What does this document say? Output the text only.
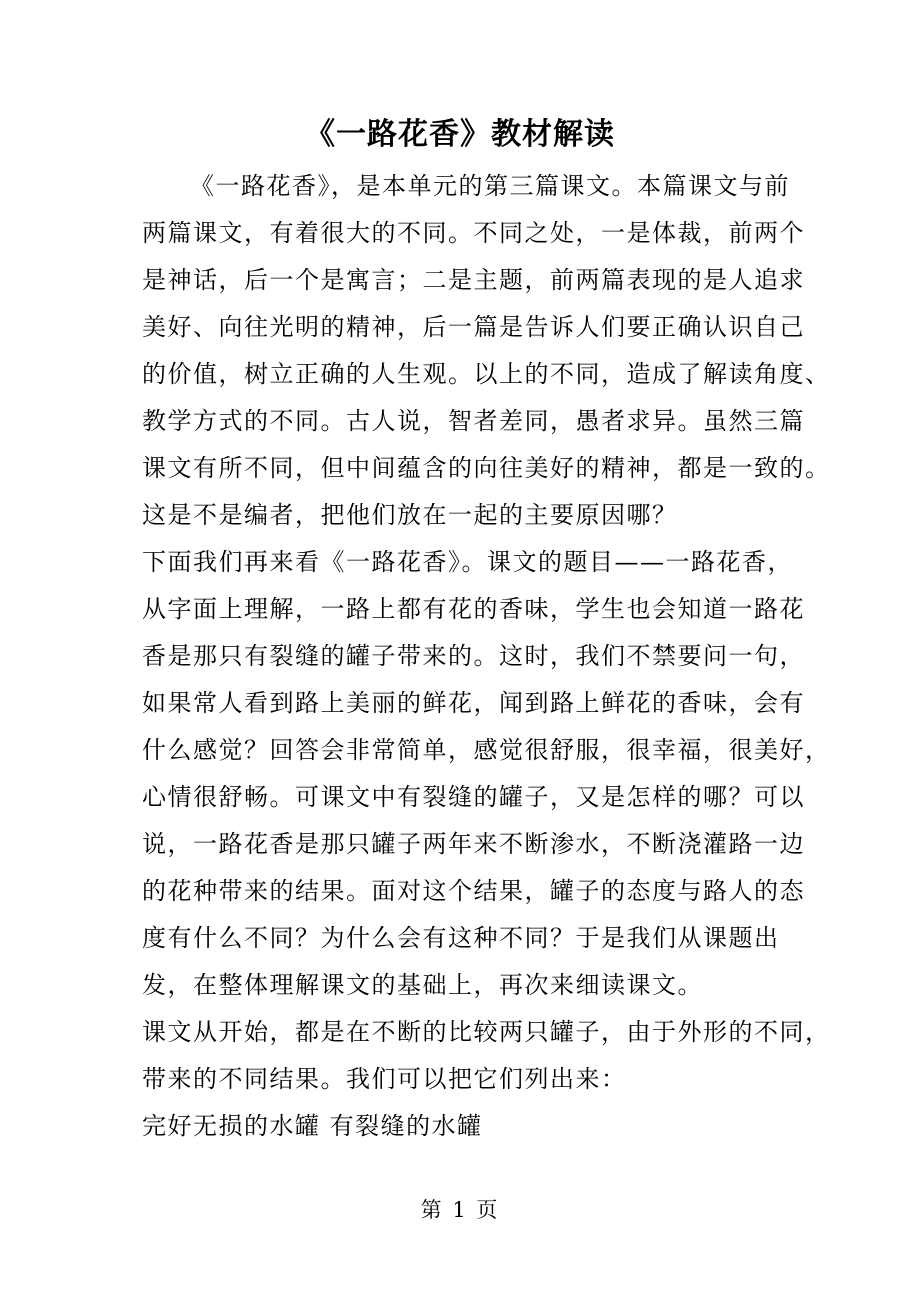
《一路花香》教材解读
《一路花香》，是本单元的第三篇课文。本篇课文与前
两篇课文，有着很大的不同。不同之处，一是体裁，前两个
是神话，后一个是寓言；二是主题，前两篇表现的是人追求
美好、向往光明的精神，后一篇是告诉人们要正确认识自己
的价值，树立正确的人生观。以上的不同，造成了解读角度、
教学方式的不同。古人说，智者差同，愚者求异。虽然三篇
课文有所不同，但中间蕴含的向往美好的精神，都是一致的。
这是不是编者，把他们放在一起的主要原因哪？
下面我们再来看《一路花香》。课文的题目——一路花香，
从字面上理解，一路上都有花的香味，学生也会知道一路花
香是那只有裂缝的罐子带来的。这时，我们不禁要问一句，
如果常人看到路上美丽的鲜花，闻到路上鲜花的香味，会有
什么感觉？回答会非常简单，感觉很舒服，很幸福，很美好，
心情很舒畅。可课文中有裂缝的罐子，又是怎样的哪？可以
说，一路花香是那只罐子两年来不断渗水，不断浇灌路一边
的花种带来的结果。面对这个结果，罐子的态度与路人的态
度有什么不同？为什么会有这种不同？于是我们从课题出
发，在整体理解课文的基础上，再次来细读课文。
课文从开始，都是在不断的比较两只罐子，由于外形的不同，
带来的不同结果。我们可以把它们列出来：
完好无损的水罐 有裂缝的水罐
第 1 页
